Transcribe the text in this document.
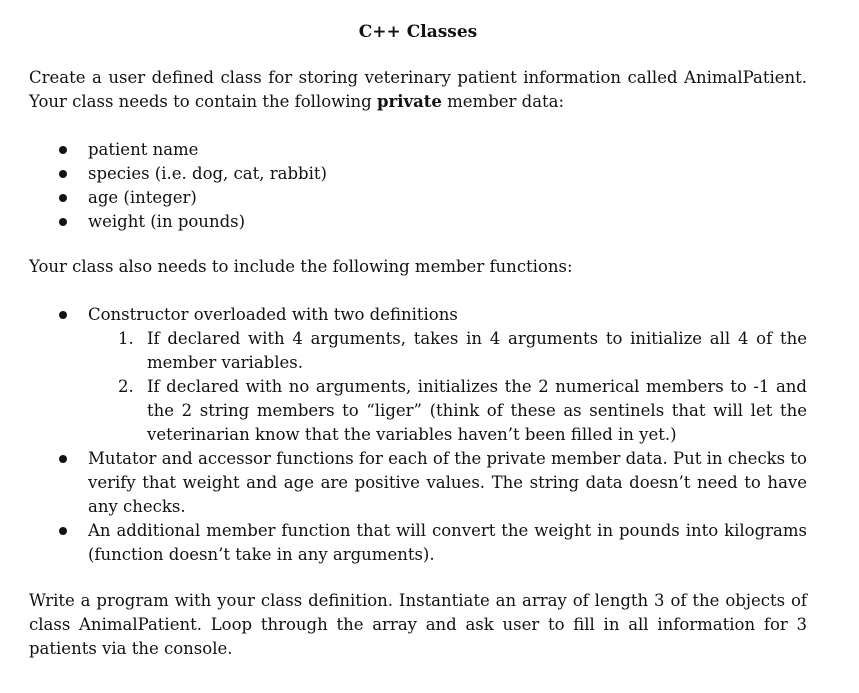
C++ Classes
Create a user defined class for storing veterinary patient information called AnimalPatient. Your class needs to contain the following private member data:
patient name
species (i.e. dog, cat, rabbit)
age (integer)
weight (in pounds)
Your class also needs to include the following member functions:
Constructor overloaded with two definitions
1. If declared with 4 arguments, takes in 4 arguments to initialize all 4 of the member variables.
2. If declared with no arguments, initializes the 2 numerical members to -1 and the 2 string members to “liger” (think of these as sentinels that will let the veterinarian know that the variables haven’t been filled in yet.)
Mutator and accessor functions for each of the private member data. Put in checks to verify that weight and age are positive values. The string data doesn’t need to have any checks.
An additional member function that will convert the weight in pounds into kilograms (function doesn’t take in any arguments).
Write a program with your class definition. Instantiate an array of length 3 of the objects of class AnimalPatient. Loop through the array and ask user to fill in all information for 3 patients via the console.
